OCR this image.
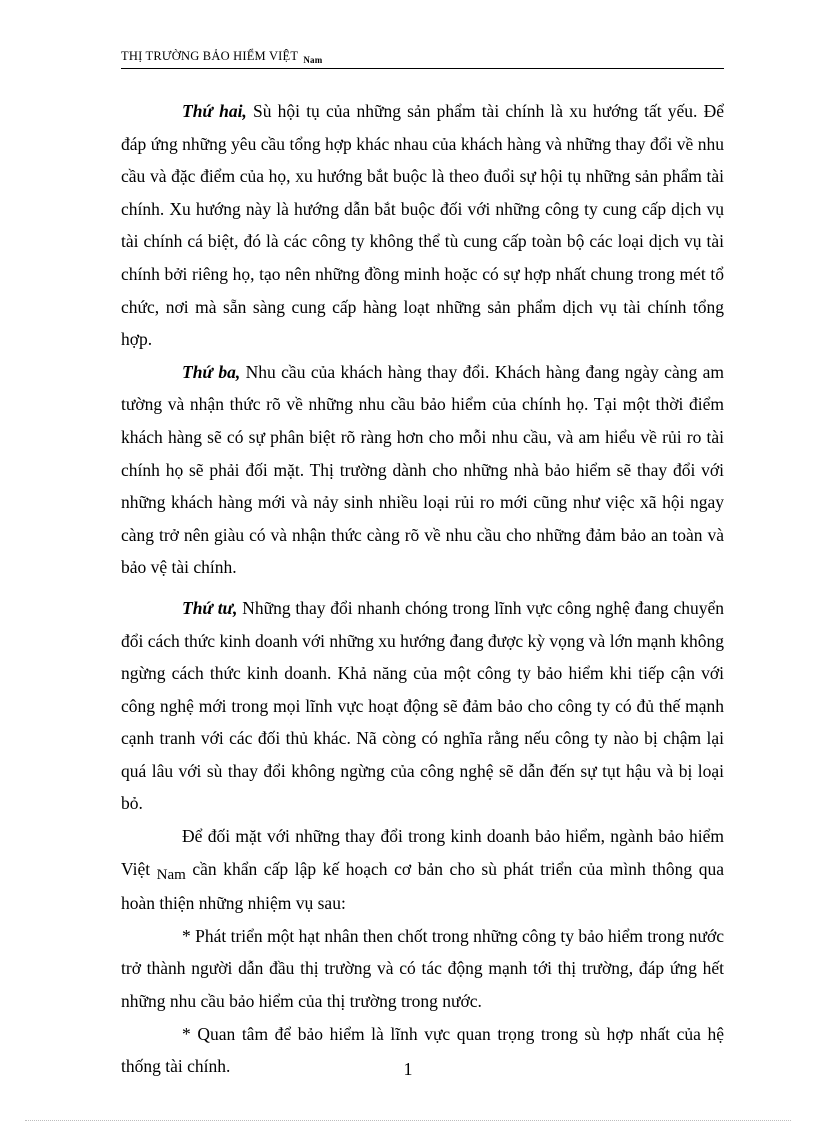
THỊ TRƯỜNG BẢO HIỂM VIỆT $_{Nam}$

Thứ hai, Sù hội tụ của những sản phẩm tài chính là xu hướng tất yếu. Để đáp ứng những yêu cầu tổng hợp khác nhau của khách hàng và những thay đổi về nhu cầu và đặc điểm của họ, xu hướng bắt buộc là theo đuổi sự hội tụ những sản phẩm tài chính. Xu hướng này là hướng dẫn bắt buộc đối với những công ty cung cấp dịch vụ tài chính cá biệt, đó là các công ty không thể tù cung cấp toàn bộ các loại dịch vụ tài chính bởi riêng họ, tạo nên những đồng minh hoặc có sự hợp nhất chung trong mét tổ chức, nơi mà sẵn sàng cung cấp hàng loạt những sản phẩm dịch vụ tài chính tổng hợp.

Thứ ba, Nhu cầu của khách hàng thay đổi. Khách hàng đang ngày càng am tường và nhận thức rõ về những nhu cầu bảo hiểm của chính họ. Tại một thời điểm khách hàng sẽ có sự phân biệt rõ ràng hơn cho mỗi nhu cầu, và am hiểu về rủi ro tài chính họ sẽ phải đối mặt. Thị trường dành cho những nhà bảo hiểm sẽ thay đổi với những khách hàng mới và nảy sinh nhiều loại rủi ro mới cũng như việc xã hội ngay càng trở nên giàu có và nhận thức càng rõ về nhu cầu cho những đảm bảo an toàn và bảo vệ tài chính.

Thứ tư, Những thay đổi nhanh chóng trong lĩnh vực công nghệ đang chuyển đổi cách thức kinh doanh với những xu hướng đang được kỳ vọng và lớn mạnh không ngừng cách thức kinh doanh. Khả năng của một công ty bảo hiểm khi tiếp cận với công nghệ mới trong mọi lĩnh vực hoạt động sẽ đảm bảo cho công ty có đủ thế mạnh cạnh tranh với các đối thủ khác. Nã còng có nghĩa rằng nếu công ty nào bị chậm lại quá lâu với sù thay đổi không ngừng của công nghệ sẽ dẫn đến sự tụt hậu và bị loại bỏ.

Để đối mặt với những thay đổi trong kinh doanh bảo hiểm, ngành bảo hiểm Việt Nam cần khẩn cấp lập kế hoạch cơ bản cho sù phát triển của mình thông qua hoàn thiện những nhiệm vụ sau:

* Phát triển một hạt nhân then chốt trong những công ty bảo hiểm trong nước trở thành người dẫn đầu thị trường và có tác động mạnh tới thị trường, đáp ứng hết những nhu cầu bảo hiểm của thị trường trong nước.

* Quan tâm để bảo hiểm là lĩnh vực quan trọng trong sù hợp nhất của hệ thống tài chính.	1
